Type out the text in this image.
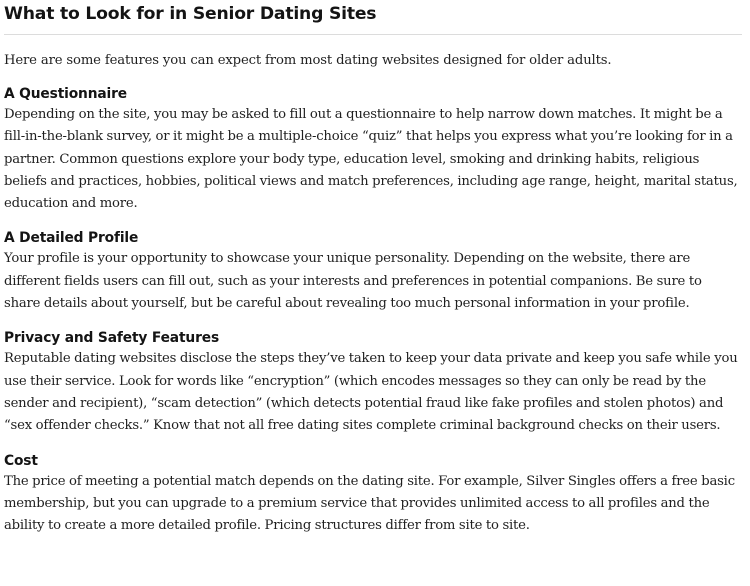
What to Look for in Senior Dating Sites

Here are some features you can expect from most dating websites designed for older adults.

A Questionnaire

Depending on the site, you may be asked to fill out a questionnaire to help narrow down matches. It might be a fill-in-the-blank survey, or it might be a multiple-choice “quiz” that helps you express what you’re looking for in a partner. Common questions explore your body type, education level, smoking and drinking habits, religious beliefs and practices, hobbies, political views and match preferences, including age range, height, marital status, education and more.

A Detailed Profile

Your profile is your opportunity to showcase your unique personality. Depending on the website, there are different fields users can fill out, such as your interests and preferences in potential companions. Be sure to share details about yourself, but be careful about revealing too much personal information in your profile.

Privacy and Safety Features

Reputable dating websites disclose the steps they’ve taken to keep your data private and keep you safe while you use their service. Look for words like “encryption” (which encodes messages so they can only be read by the sender and recipient), “scam detection” (which detects potential fraud like fake profiles and stolen photos) and “sex offender checks.” Know that not all free dating sites complete criminal background checks on their users.

Cost

The price of meeting a potential match depends on the dating site. For example, Silver Singles offers a free basic membership, but you can upgrade to a premium service that provides unlimited access to all profiles and the ability to create a more detailed profile. Pricing structures differ from site to site.
